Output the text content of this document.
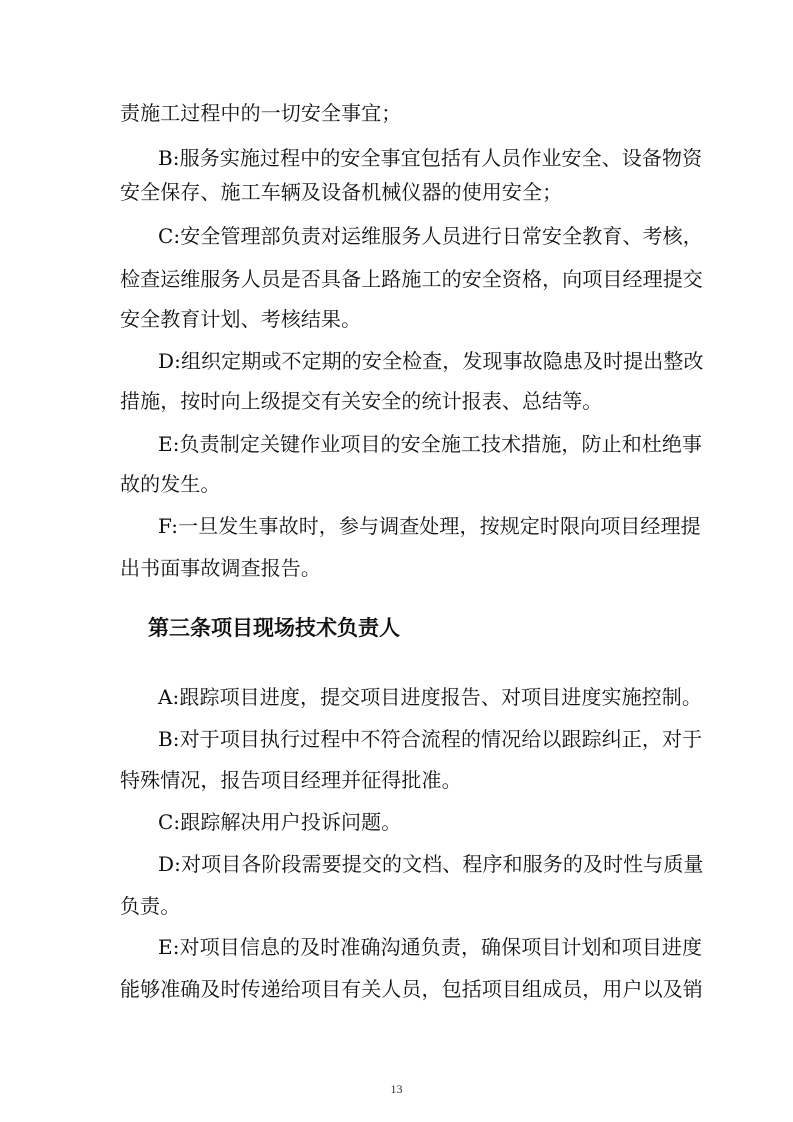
责施工过程中的一切安全事宜；
B:服务实施过程中的安全事宜包括有人员作业安全、设备物资
安全保存、施工车辆及设备机械仪器的使用安全；
C:安全管理部负责对运维服务人员进行日常安全教育、考核，
检查运维服务人员是否具备上路施工的安全资格，向项目经理提交
安全教育计划、考核结果。
D:组织定期或不定期的安全检查，发现事故隐患及时提出整改
措施，按时向上级提交有关安全的统计报表、总结等。
E:负责制定关键作业项目的安全施工技术措施，防止和杜绝事
故的发生。
F:一旦发生事故时，参与调查处理，按规定时限向项目经理提
出书面事故调查报告。
第三条项目现场技术负责人
A:跟踪项目进度，提交项目进度报告、对项目进度实施控制。
B:对于项目执行过程中不符合流程的情况给以跟踪纠正，对于
特殊情况，报告项目经理并征得批准。
C:跟踪解决用户投诉问题。
D:对项目各阶段需要提交的文档、程序和服务的及时性与质量
负责。
E:对项目信息的及时准确沟通负责，确保项目计划和项目进度
能够准确及时传递给项目有关人员，包括项目组成员，用户以及销
13
